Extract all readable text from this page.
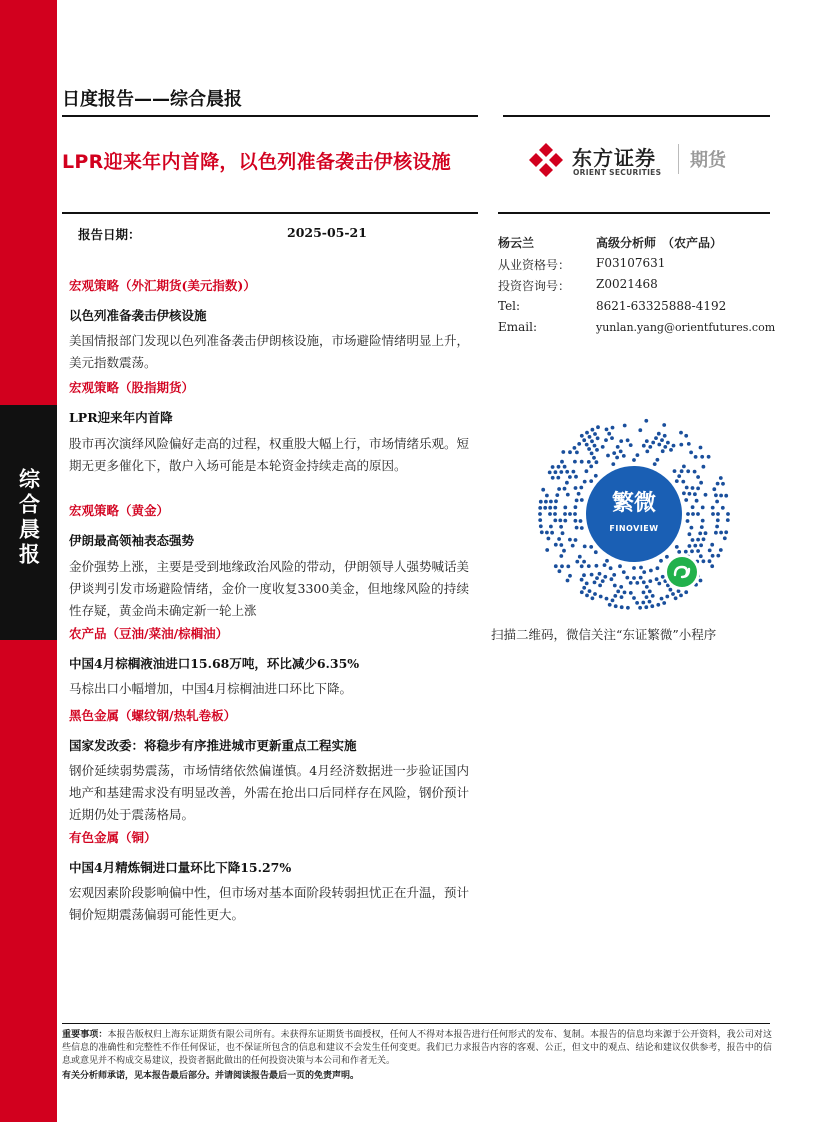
综合晨报
日度报告——综合晨报
LPR迎来年内首降，以色列准备袭击伊核设施	东方证券
ORIENT SECURITIES
期货
报告日期：	2025-05-21
宏观策略（外汇期货(美元指数)）
以色列准备袭击伊核设施
美国情报部门发现以色列准备袭击伊朗核设施，市场避险情绪明显上升，美元指数震荡。
宏观策略（股指期货）
LPR迎来年内首降
股市再次演绎风险偏好走高的过程，权重股大幅上行，市场情绪乐观。短期无更多催化下，散户入场可能是本轮资金持续走高的原因。
宏观策略（黄金）
伊朗最高领袖表态强势
金价强势上涨，主要是受到地缘政治风险的带动，伊朗领导人强势喊话美伊谈判引发市场避险情绪，金价一度收复3300美金，但地缘风险的持续性存疑，黄金尚未确定新一轮上涨
农产品（豆油/菜油/棕榈油）
中国4月棕榈液油进口15.68万吨，环比减少6.35%
马棕出口小幅增加，中国4月棕榈油进口环比下降。
黑色金属（螺纹钢/热轧卷板）
国家发改委：将稳步有序推进城市更新重点工程实施
钢价延续弱势震荡，市场情绪依然偏谨慎。4月经济数据进一步验证国内地产和基建需求没有明显改善，外需在抢出口后同样存在风险，钢价预计近期仍处于震荡格局。
有色金属（铜）
中国4月精炼铜进口量环比下降15.27%
宏观因素阶段影响偏中性，但市场对基本面阶段转弱担忧正在升温，预计铜价短期震荡偏弱可能性更大。
杨云兰	高级分析师　（农产品）
从业资格号： F03107631
投资咨询号： Z0021468
Tel:	8621-63325888-4192
Email:	yunlan.yang@orientfutures.com
繁微
FINOVIEW
扫描二维码，微信关注“东证繁微”小程序
重要事项：本报告版权归上海东证期货有限公司所有。未获得东证期货书面授权，任何人不得对本报告进行任何形式的发布、复制。本报告的信息均来源于公开资料，我公司对这些信息的准确性和完整性不作任何保证，也不保证所包含的信息和建议不会发生任何变更。我们已力求报告内容的客观、公正，但文中的观点、结论和建议仅供参考，报告中的信息或意见并不构成交易建议，投资者据此做出的任何投资决策与本公司和作者无关。
有关分析师承诺，见本报告最后部分。并请阅读报告最后一页的免责声明。
